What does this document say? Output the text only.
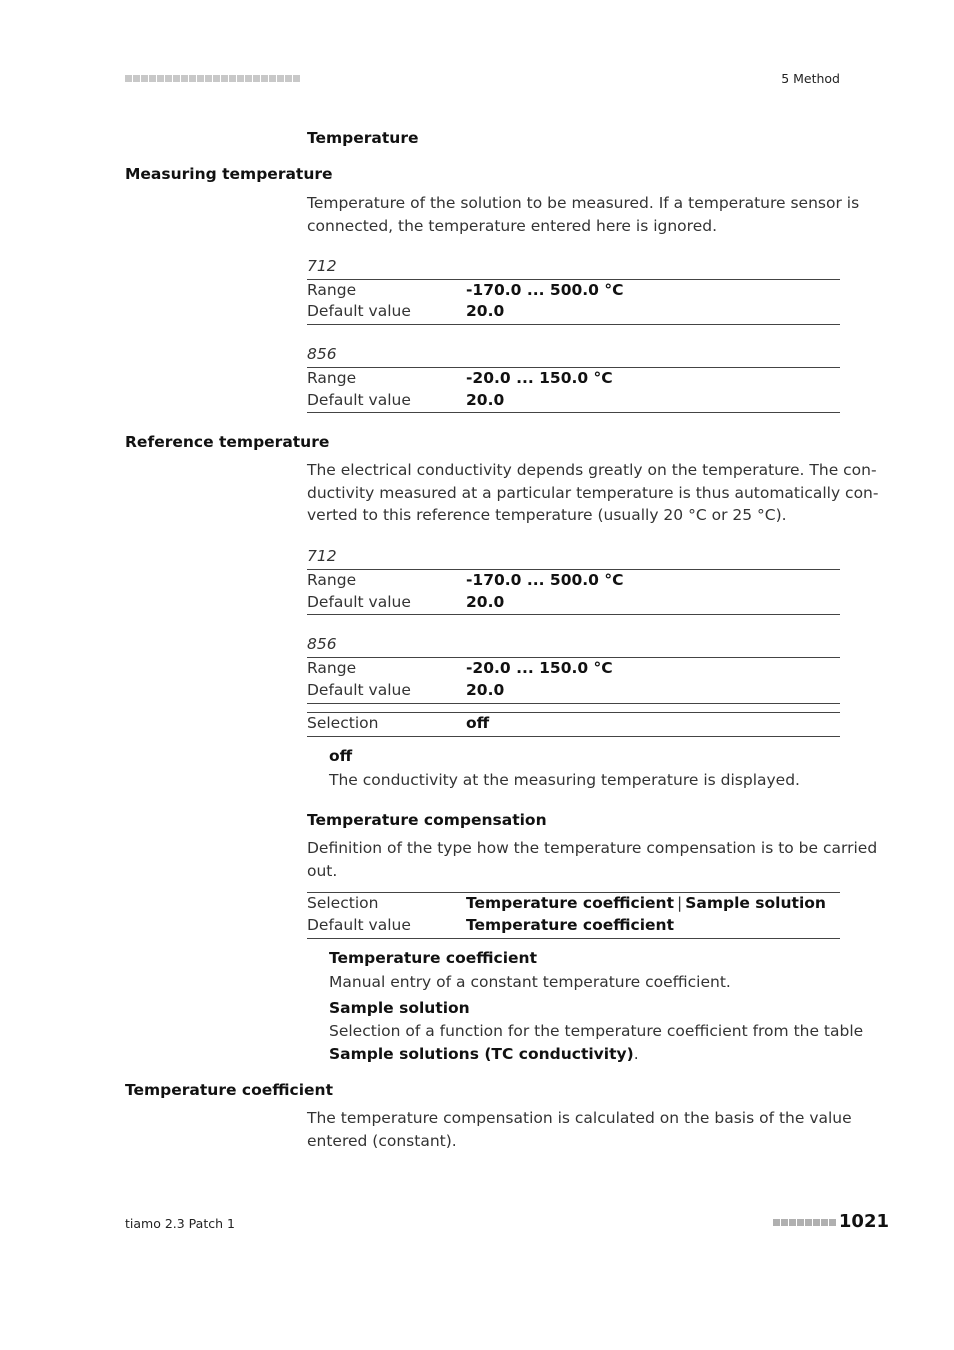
5 Method
Temperature
Measuring temperature
Temperature of the solution to be measured. If a temperature sensor is
connected, the temperature entered here is ignored.
712
Range	-170.0 ... 500.0 °C
Default value	20.0
856
Range	-20.0 ... 150.0 °C
Default value	20.0
Reference temperature
The electrical conductivity depends greatly on the temperature. The con-
ductivity measured at a particular temperature is thus automatically con-
verted to this reference temperature (usually 20 °C or 25 °C).
712
Range	-170.0 ... 500.0 °C
Default value	20.0
856
Range	-20.0 ... 150.0 °C
Default value	20.0
Selection	off
off
The conductivity at the measuring temperature is displayed.
Temperature compensation
Definition of the type how the temperature compensation is to be carried
out.
Selection	Temperature coefficient | Sample solution
Default value	Temperature coefficient
Temperature coefficient
Manual entry of a constant temperature coefficient.
Sample solution
Selection of a function for the temperature coefficient from the table
Sample solutions (TC conductivity).
Temperature coefficient
The temperature compensation is calculated on the basis of the value
entered (constant).
tiamo 2.3 Patch 1	1021
